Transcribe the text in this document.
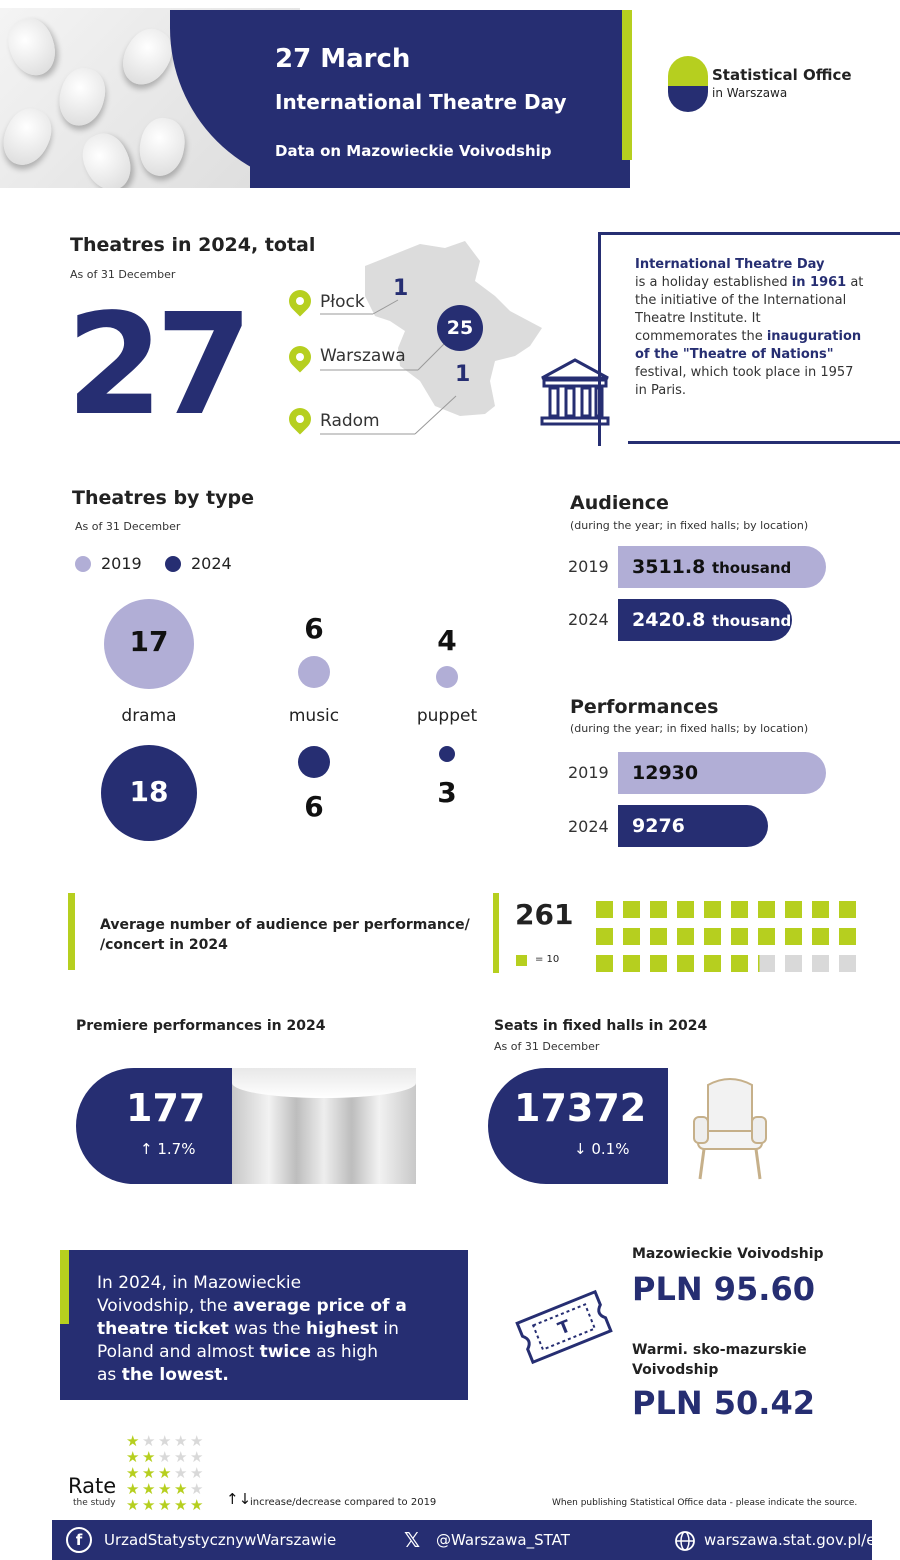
27 March
International Theatre Day
Data on Mazowieckie Voivodship
Statistical Office
in Warszawa
Theatres in 2024, total
As of 31 December
27	Płock
1
Warszawa
25
Radom
1
International Theatre Day
is a holiday established in 1961 at the initiative of the International Theatre Institute. It commemorates the inauguration of the "Theatre of Nations" festival, which took place in 1957 in Paris.
Theatres by type
As of 31 December
2019	2024
17
drama
18
6
music
6
4
puppet
3
Audience
(during the year; in fixed halls; by location)
2019	3511.8 thousand
2024	2420.8 thousand
Performances
(during the year; in fixed halls; by location)
2019	12930
2024	9276
Average number of audience per performance/
/concert in 2024
261
= 10
Premiere performances in 2024
177
↑ 1.7%
Seats in fixed halls in 2024
As of 31 December
17372
↓ 0.1%
In 2024, in Mazowieckie
Voivodship, the average price of a
theatre ticket was the highest in
Poland and almost twice as high
as the lowest.
T
Mazowieckie Voivodship
PLN 95.60
Warmi. sko-mazurskie
Voivodship
PLN 50.42
Rate
the study
★ ★ ★ ★ ★
★ ★ ★ ★ ★
★ ★ ★ ★ ★
★ ★ ★ ★ ★
★ ★ ★ ★ ★ ↑↓
increase/decrease compared to 2019	When publishing Statistical Office data - please indicate the source.
f	UrzadStatystycznywWarszawie	𝕏 @Warszawa_STAT	warszawa.stat.gov.pl/en/
